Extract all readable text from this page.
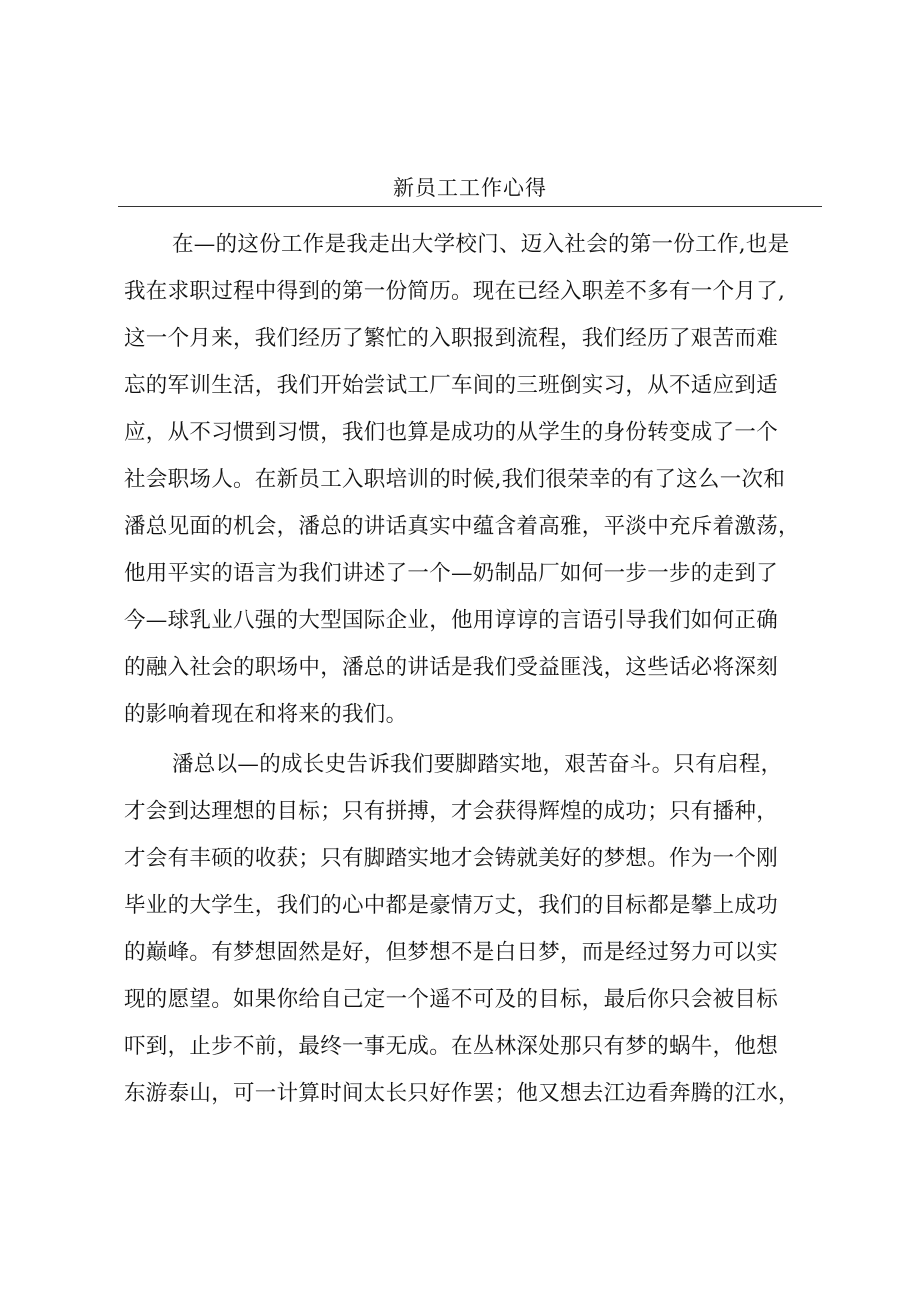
新员工工作心得
在—的这份工作是我走出大学校门、迈入社会的第一份工作,也是
我在求职过程中得到的第一份简历。现在已经入职差不多有一个月了,
这一个月来，我们经历了繁忙的入职报到流程，我们经历了艰苦而难
忘的军训生活，我们开始尝试工厂车间的三班倒实习，从不适应到适
应，从不习惯到习惯，我们也算是成功的从学生的身份转变成了一个
社会职场人。在新员工入职培训的时候,我们很荣幸的有了这么一次和
潘总见面的机会，潘总的讲话真实中蕴含着高雅，平淡中充斥着激荡，
他用平实的语言为我们讲述了一个—奶制品厂如何一步一步的走到了
今—球乳业八强的大型国际企业，他用谆谆的言语引导我们如何正确
的融入社会的职场中，潘总的讲话是我们受益匪浅，这些话必将深刻
的影响着现在和将来的我们。
潘总以—的成长史告诉我们要脚踏实地，艰苦奋斗。只有启程，
才会到达理想的目标；只有拼搏，才会获得辉煌的成功；只有播种，
才会有丰硕的收获；只有脚踏实地才会铸就美好的梦想。作为一个刚
毕业的大学生，我们的心中都是豪情万丈，我们的目标都是攀上成功
的巅峰。有梦想固然是好，但梦想不是白日梦，而是经过努力可以实
现的愿望。如果你给自己定一个遥不可及的目标，最后你只会被目标
吓到，止步不前，最终一事无成。在丛林深处那只有梦的蜗牛，他想
东游泰山，可一计算时间太长只好作罢；他又想去江边看奔腾的江水，
